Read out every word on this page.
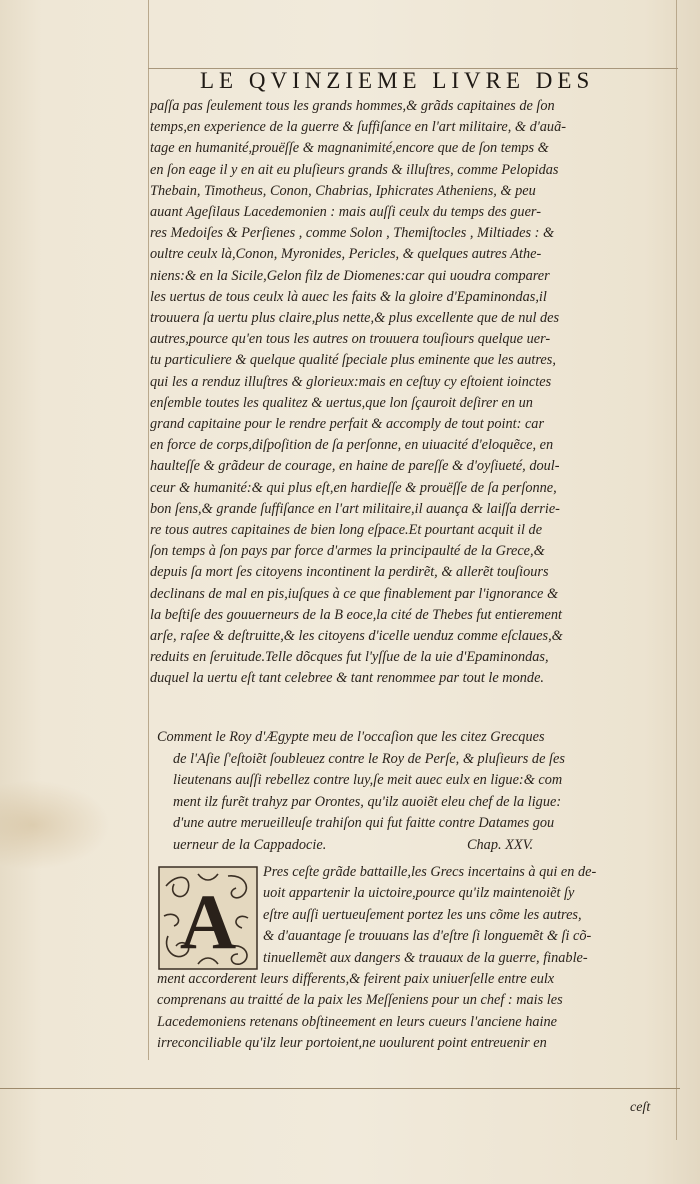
LE QVINZIEME LIVRE DES
paſſa pas ſeulement tous les grands hommes,& grãds capitaines de ſon
temps,en experience de la guerre & ſuffiſance en l'art militaire, & d'auã-
tage en humanité,prouëſſe & magnanimité,encore que de ſon temps &
en ſon eage il y en ait eu pluſieurs grands & illuſtres, comme Pelopidas
Thebain, Timotheus, Conon, Chabrias, Iphicrates Atheniens, & peu
auant Ageſilaus Lacedemonien : mais auſſi ceulx du temps des guer-
res Medoiſes & Perſienes , comme Solon , Themiſtocles , Miltiades : &
oultre ceulx là,Conon, Myronides, Pericles, & quelques autres Athe-
niens:& en la Sicile,Gelon filz de Diomenes:car qui uoudra comparer
les uertus de tous ceulx là auec les faits & la gloire d'Epaminondas,il
trouuera ſa uertu plus claire,plus nette,& plus excellente que de nul des
autres,pource qu'en tous les autres on trouuera touſiours quelque uer-
tu particuliere & quelque qualité ſpeciale plus eminente que les autres,
qui les a renduz illuſtres & glorieux:mais en ceſtuy cy eſtoient ioinctes
enſemble toutes les qualitez & uertus,que lon ſçauroit deſirer en un
grand capitaine pour le rendre perfait & accomply de tout point: car
en force de corps,diſpoſition de ſa perſonne, en uiuacité d'eloquẽce, en
haulteſſe & grãdeur de courage, en haine de pareſſe & d'oyſiueté, doul-
ceur & humanité:& qui plus eſt,en hardieſſe & prouëſſe de ſa perſonne,
bon ſens,& grande ſuffiſance en l'art militaire,il auança & laiſſa derrie-
re tous autres capitaines de bien long eſpace.Et pourtant acquit il de
ſon temps à ſon pays par force d'armes la principaulté de la Grece,&
depuis ſa mort ſes citoyens incontinent la perdirẽt, & allerẽt touſiours
declinans de mal en pis,iuſques à ce que finablement par l'ignorance &
la beſtiſe des gouuerneurs de la B eoce,la cité de Thebes fut entierement
arſe, raſee & deſtruitte,& les citoyens d'icelle uenduz comme eſclaues,&
reduits en ſeruitude.Telle dõcques fut l'yſſue de la uie d'Epaminondas,
duquel la uertu eſt tant celebree & tant renommee par tout le monde.
Comment le Roy d'Ægypte meu de l'occaſion que les citez Grecques
de l'Aſie ſ'eſtoiẽt ſoubleuez contre le Roy de Perſe, & pluſieurs de ſes
lieutenans auſſi rebellez contre luy,ſe meit auec eulx en ligue:& com
ment ilz furẽt trahyz par Orontes, qu'ilz auoiẽt eleu chef de la ligue:
d'une autre merueilleuſe trahiſon qui fut faitte contre Datames gou
uerneur de la Cappadocie.	Chap. XXV.
A
Pres ceſte grãde battaille,les Grecs incertains à qui en de-
uoit appartenir la uictoire,pource qu'ilz maintenoiẽt ſy
eſtre auſſi uertueuſement portez les uns cõme les autres,
& d'auantage ſe trouuans las d'eſtre ſi longuemẽt & ſi cõ-
tinuellemẽt aux dangers & trauaux de la guerre, finable-
ment accorderent leurs differents,& feirent paix uniuerſelle entre eulx
comprenans au traitté de la paix les Meſſeniens pour un chef : mais les
Lacedemoniens retenans obſtineement en leurs cueurs l'anciene haine
irreconciliable qu'ilz leur portoient,ne uoulurent point entreuenir en
ceſt
